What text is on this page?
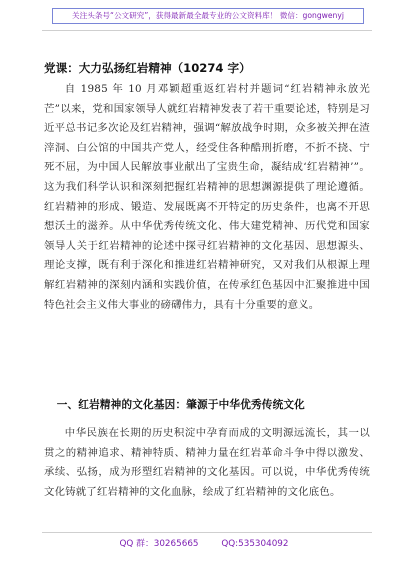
关注头条号“公文研究”，获得最新最全最专业的公文资料库！ 微信：gongwenyj
党课：大力弘扬红岩精神（10274 字）

自 1985 年 10 月邓颖超重返红岩村并题词“红岩精神永放光芒”以来，党和国家领导人就红岩精神发表了若干重要论述，特别是习近平总书记多次论及红岩精神，强调“解放战争时期，众多被关押在渣滓洞、白公馆的中国共产党人，经受住各种酷刑折磨，不折不挠、宁死不屈，为中国人民解放事业献出了宝贵生命，凝结成‘红岩精神’”。这为我们科学认识和深刻把握红岩精神的思想渊源提供了理论遵循。红岩精神的形成、锻造、发展既离不开特定的历史条件，也离不开思想沃土的滋养。从中华优秀传统文化、伟大建党精神、历代党和国家领导人关于红岩精神的论述中探寻红岩精神的文化基因、思想源头、理论支撑，既有利于深化和推进红岩精神研究，又对我们从根源上理解红岩精神的深刻内涵和实践价值，在传承红色基因中汇聚推进中国特色社会主义伟大事业的磅礴伟力，具有十分重要的意义。

一、红岩精神的文化基因：肇源于中华优秀传统文化

中华民族在长期的历史积淀中孕育而成的文明源远流长，其一以贯之的精神追求、精神特质、精神力量在红岩革命斗争中得以激发、承续、弘扬，成为形塑红岩精神的文化基因。可以说，中华优秀传统文化铸就了红岩精神的文化血脉，绘成了红岩精神的文化底色。

QQ 群：30265665	QQ:535304092
